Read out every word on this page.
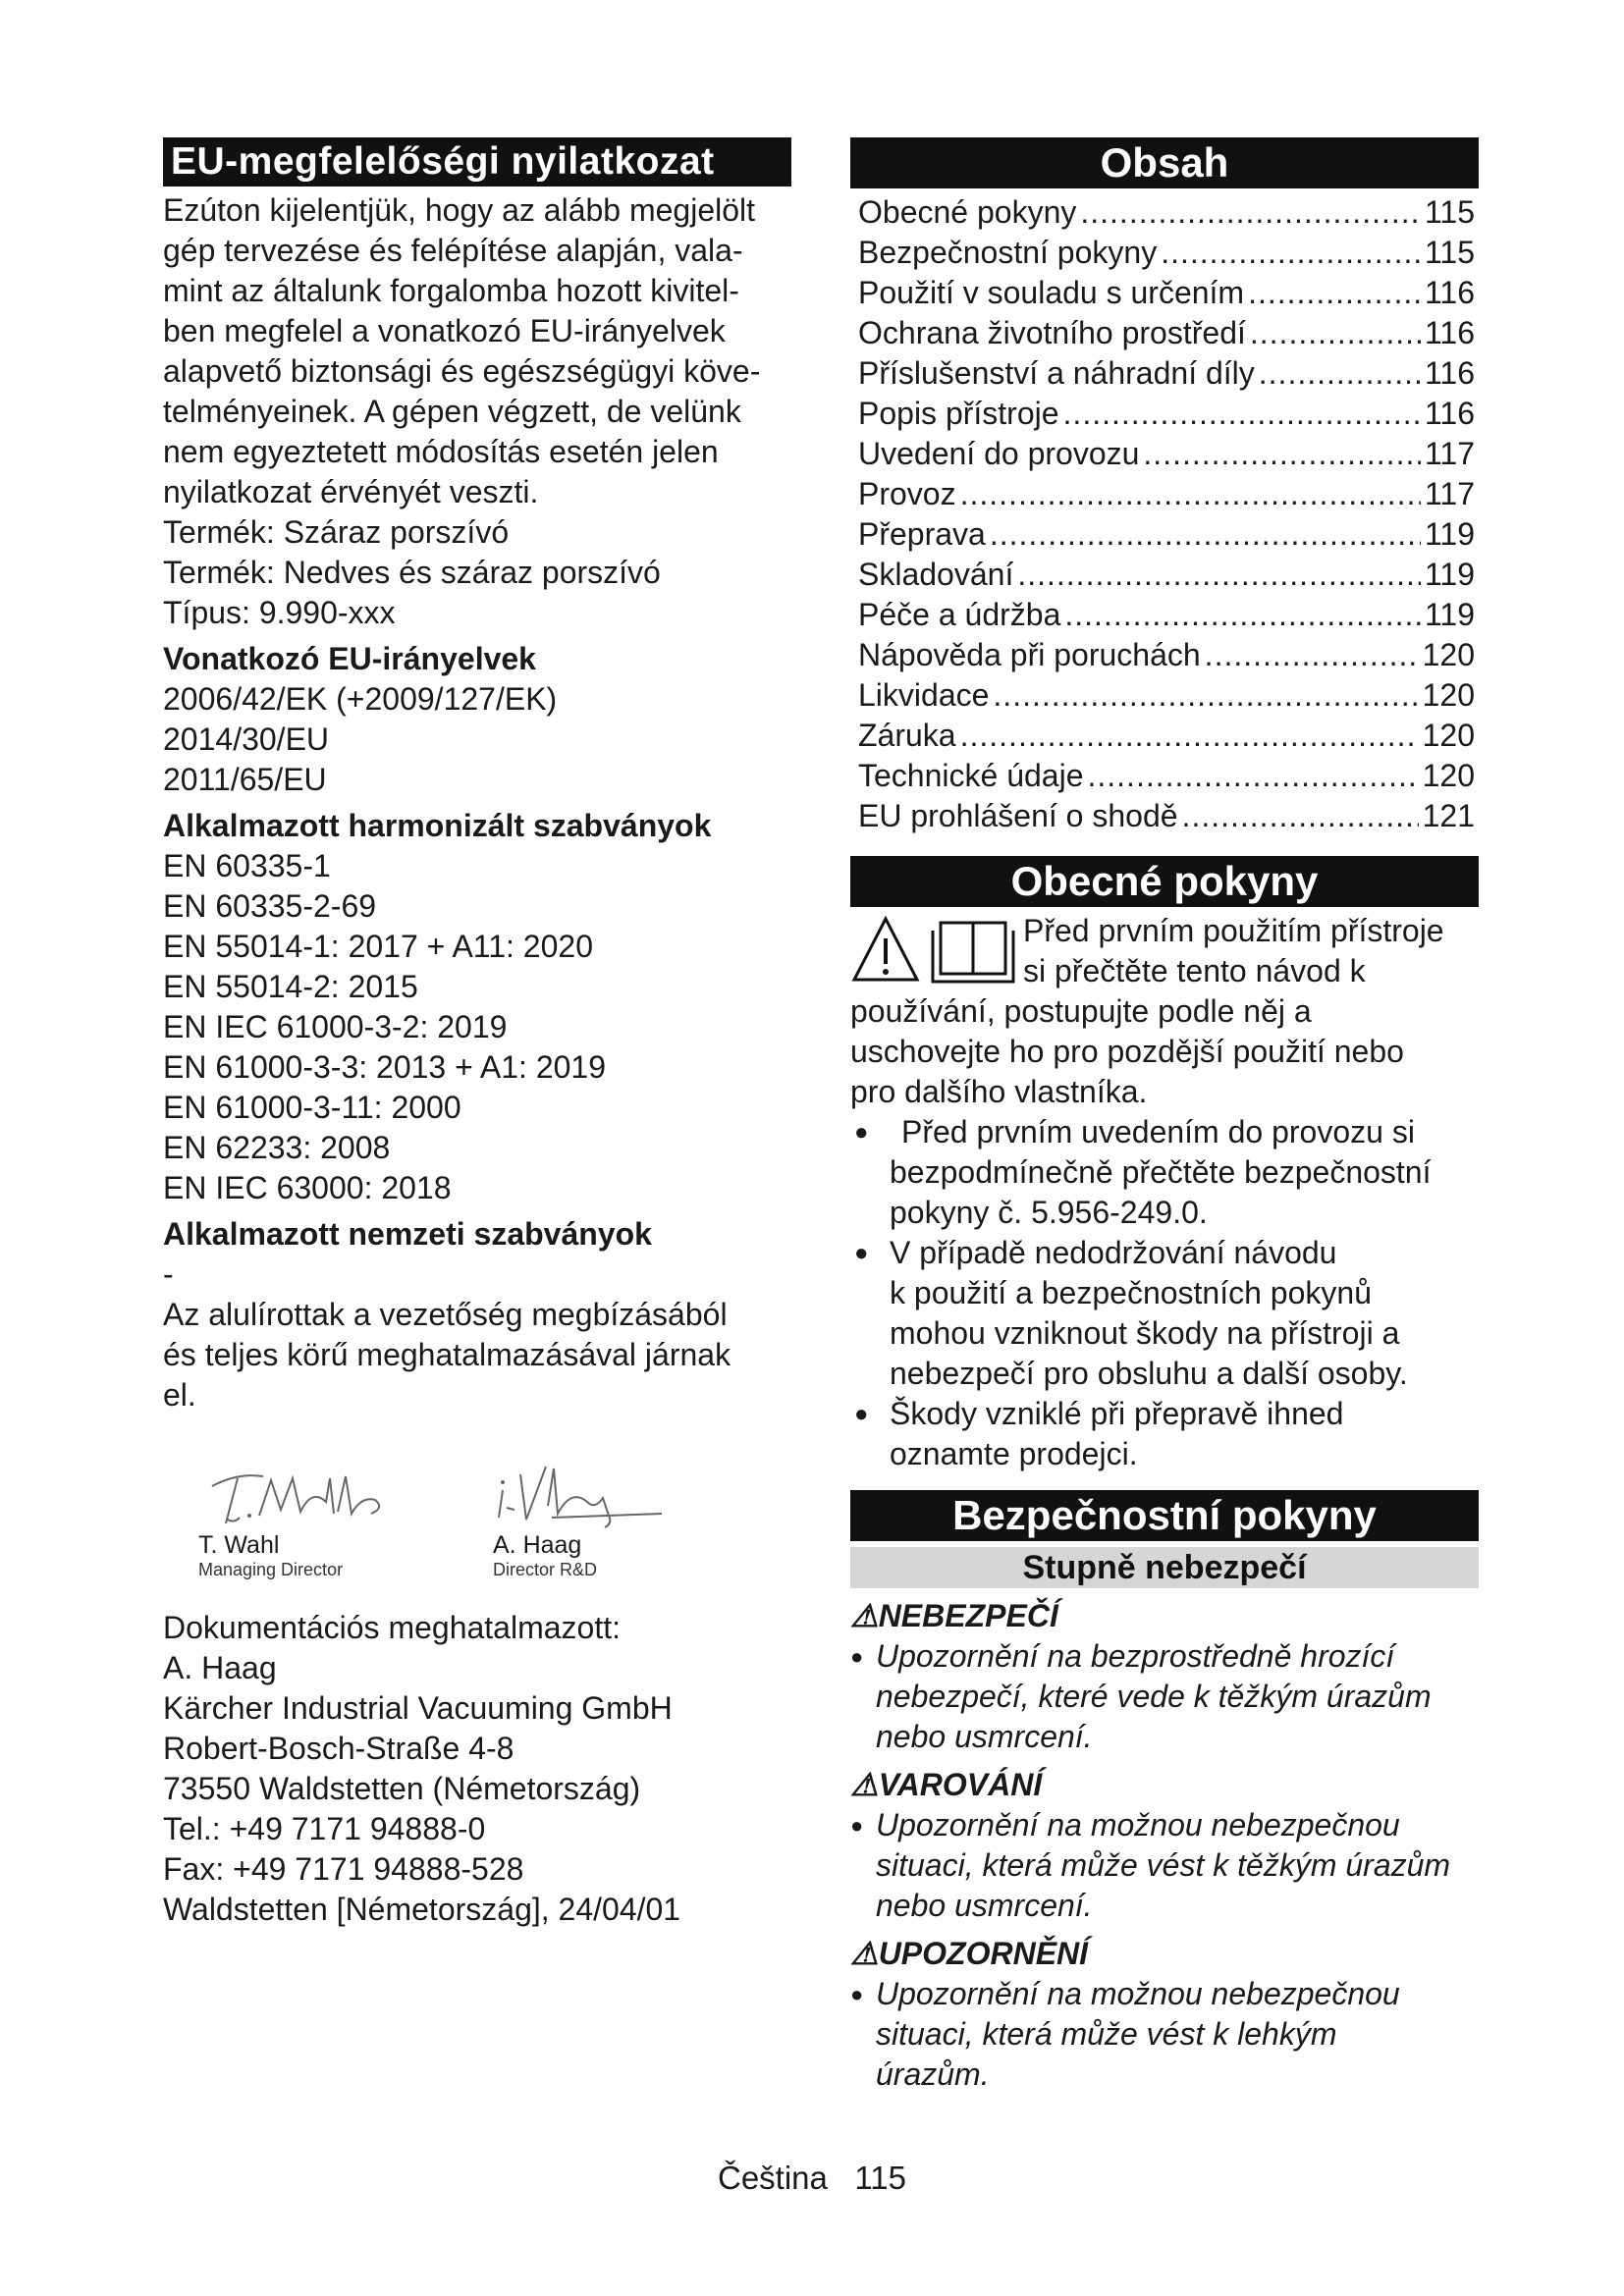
EU-megfelelőségi nyilatkozat

Ezúton kijelentjük, hogy az alább megjelölt

gép tervezése és felépítése alapján, vala-

mint az általunk forgalomba hozott kivitel-

ben megfelel a vonatkozó EU-irányelvek

alapvető biztonsági és egészségügyi köve-

telményeinek. A gépen végzett, de velünk

nem egyeztetett módosítás esetén jelen

nyilatkozat érvényét veszti.

Termék: Száraz porszívó

Termék: Nedves és száraz porszívó

Típus: 9.990-xxx

Vonatkozó EU-irányelvek

2006/42/EK (+2009/127/EK)

2014/30/EU

2011/65/EU

Alkalmazott harmonizált szabványok

EN 60335-1

EN 60335-2-69

EN 55014-1: 2017 + A11: 2020

EN 55014-2: 2015

EN IEC 61000-3-2: 2019

EN 61000-3-3: 2013 + A1: 2019

EN 61000-3-11: 2000

EN 62233: 2008

EN IEC 63000: 2018

Alkalmazott nemzeti szabványok

-

Az alulírottak a vezetőség megbízásából

és teljes körű meghatalmazásával járnak

el.

T. Wahl
Managing Director
A. Haag
Director R&D

Dokumentációs meghatalmazott:

A. Haag

Kärcher Industrial Vacuuming GmbH

Robert-Bosch-Straße 4-8

73550 Waldstetten (Németország)

Tel.: +49 7171 94888-0

Fax: +49 7171 94888-528

Waldstetten [Németország], 24/04/01

Obsah
Obecné pokyny .....	115
Bezpečnostní pokyny .....	115
Použití v souladu s určením .....	116
Ochrana životního prostředí .....	116
Příslušenství a náhradní díly .....	116
Popis přístroje .....	116
Uvedení do provozu .....	117
Provoz .....	117
Přeprava .....	119
Skladování .....	119
Péče a údržba .....	119
Nápověda při poruchách .....	120
Likvidace .....	120
Záruka .....	120
Technické údaje .....	120
EU prohlášení o shodě .....	121
Obecné pokyny

Před prvním použitím přístroje

si přečtěte tento návod k

používání, postupujte podle něj a

uschovejte ho pro pozdější použití nebo

pro dalšího vlastníka.

● Před prvním uvedením do provozu si
bezpodmínečně přečtěte bezpečnostní
pokyny č. 5.956-249.0.
● V případě nedodržování návodu
k použití a bezpečnostních pokynů
mohou vzniknout škody na přístroji a
nebezpečí pro obsluhu a další osoby.
● Škody vzniklé při přepravě ihned
oznamte prodejci.
Bezpečnostní pokyny
Stupně nebezpečí

⚠NEBEZPEČÍ

● Upozornění na bezprostředně hrozící

nebezpečí, které vede k těžkým úrazům

nebo usmrcení.

⚠VAROVÁNÍ

● Upozornění na možnou nebezpečnou

situaci, která může vést k těžkým úrazům

nebo usmrcení.

⚠UPOZORNĚNÍ

● Upozornění na možnou nebezpečnou

situaci, která může vést k lehkým

úrazům.

Čeština 115
